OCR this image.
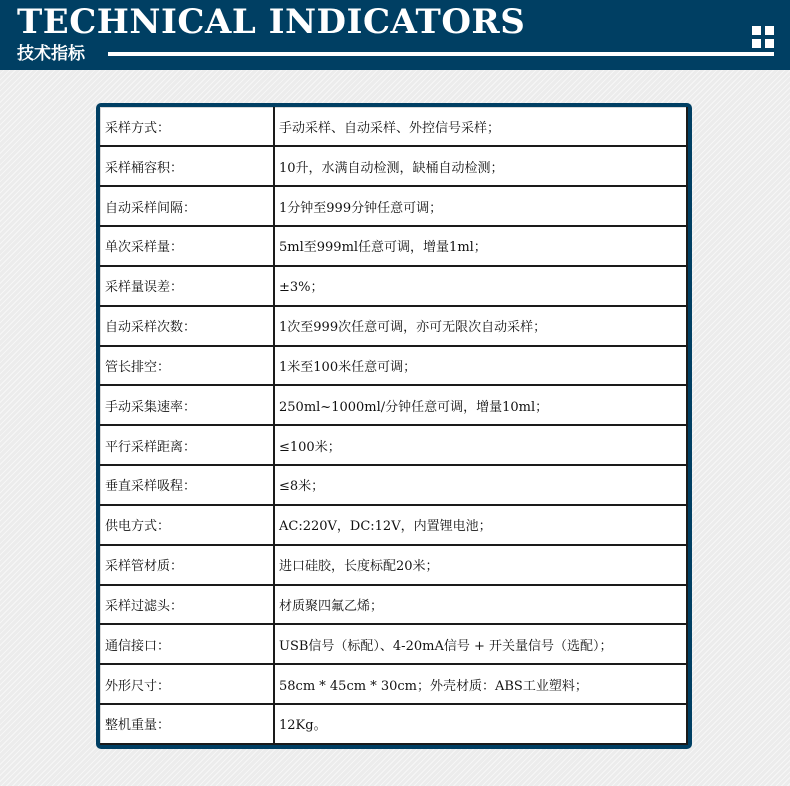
TECHNICAL INDICATORS
技术指标
采样方式：	手动采样、自动采样、外控信号采样；
采样桶容积：	10升，水满自动检测，缺桶自动检测；
自动采样间隔：	1分钟至999分钟任意可调；
单次采样量：	5ml至999ml任意可调，增量1ml；
采样量误差：	±3%；
自动采样次数：	1次至999次任意可调，亦可无限次自动采样；
管长排空：	1米至100米任意可调；
手动采集速率：	250ml~1000ml/分钟任意可调，增量10ml；
平行采样距离：	≤100米；
垂直采样吸程：	≤8米；
供电方式：	AC:220V，DC:12V，内置锂电池；
采样管材质：	进口硅胶，长度标配20米；
采样过滤头：	材质聚四氟乙烯；
通信接口：	USB信号（标配）、4-20mA信号 + 开关量信号（选配）；
外形尺寸：	58cm * 45cm * 30cm；外壳材质：ABS工业塑料；
整机重量：	12Kg。
